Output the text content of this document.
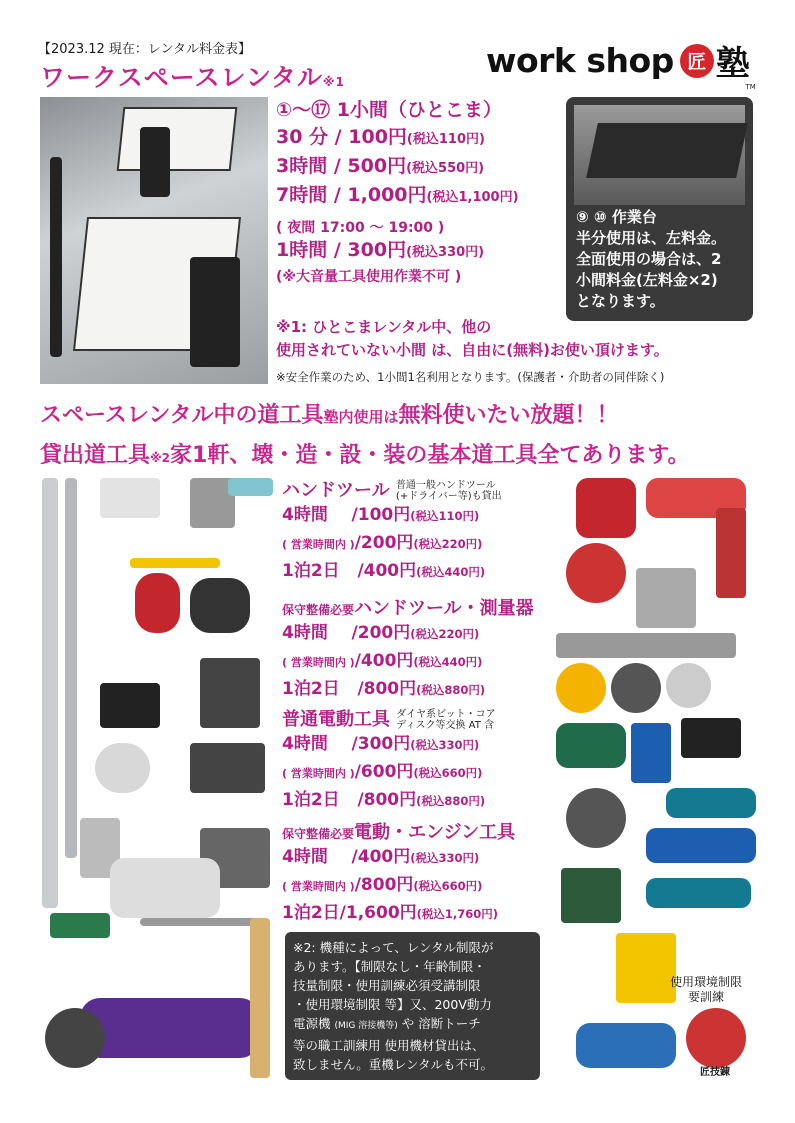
【2023.12 現在：レンタル料金表】
ワークスペースレンタル※1
work shop 匠 塾
TM
①～⑰ 1小間（ひとこま）
30 分 / 100円(税込110円)
3時間 / 500円(税込550円)
7時間 / 1,000円(税込1,100円)
( 夜間 17:00 ～ 19:00 )
1時間 / 300円(税込330円)
(※大音量工具使用作業不可 )
⑨ ⑩ 作業台
半分使用は、左料金。
全面使用の場合は、2
小間料金(左料金×2)
となります。
※1: ひとこまレンタル中、他の
使用されていない小間 は、自由に(無料)お使い頂けます。
※安全作業のため、1小間1名利用となります。(保護者・介助者の同伴除く)
スペースレンタル中の道工具塾内使用は無料使いたい放題！！
貸出道工具※2家1軒、壊・造・設・装の基本道工具全てあります。
ハンドツール 普通一般ハンドツール
(+ドライバー等)も貸出
4時間 /100円(税込110円)
( 営業時間内 )/200円(税込220円)
1泊2日 /400円(税込440円)
保守整備必要ハンドツール・測量器
4時間 /200円(税込220円)
( 営業時間内 )/400円(税込440円)
1泊2日 /800円(税込880円)
普通電動工具 ダイヤ系ビット・コア
ディスク等交換 AT 含
4時間 /300円(税込330円)
( 営業時間内 )/600円(税込660円)
1泊2日 /800円(税込880円)
保守整備必要電動・エンジン工具
4時間 /400円(税込330円)
( 営業時間内 )/800円(税込660円)
1泊2日/1,600円(税込1,760円)
※2: 機種によって、レンタル制限が
あります。【制限なし・年齢制限・
技量制限・使用訓練必須受講制限
・使用環境制限 等】又、200V動力
電源機 (MIG 溶接機等) や 溶断トーチ
等の職工訓練用 使用機材貸出は、
致しません。重機レンタルも不可。
使用環境制限
要訓練
匠技錬
